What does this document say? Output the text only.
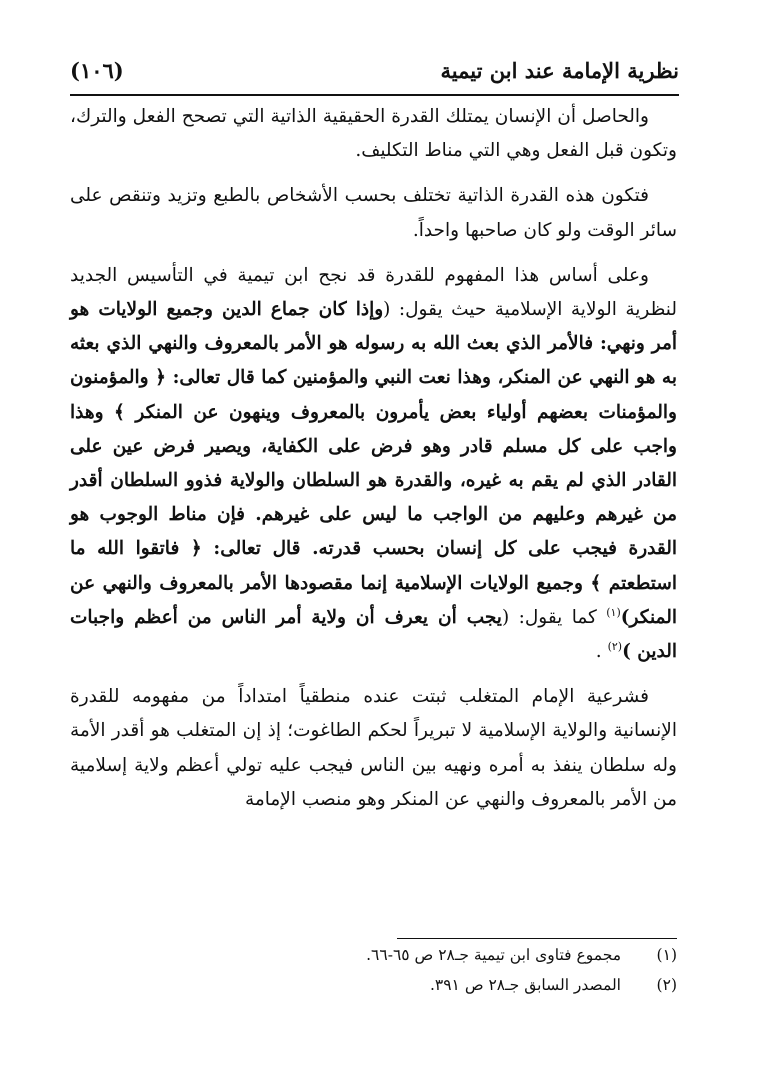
(١٠٦)	نظرية الإمامة عند ابن تيمية

والحاصل أن الإنسان يمتلك القدرة الحقيقية الذاتية التي تصحح الفعل والترك، وتكون قبل الفعل وهي التي مناط التكليف.

فتكون هذه القدرة الذاتية تختلف بحسب الأشخاص بالطبع وتزيد وتنقص على سائر الوقت ولو كان صاحبها واحداً.

وعلى أساس هذا المفهوم للقدرة قد نجح ابن تيمية في التأسيس الجديد لنظرية الولاية الإسلامية حيث يقول: (وإذا كان جماع الدين وجميع الولايات هو أمر ونهي: فالأمر الذي بعث الله به رسوله هو الأمر بالمعروف والنهي الذي بعثه به هو النهي عن المنكر، وهذا نعت النبي والمؤمنين كما قال تعالى: ﴿ والمؤمنون والمؤمنات بعضهم أولياء بعض يأمرون بالمعروف وينهون عن المنكر ﴾ وهذا واجب على كل مسلم قادر وهو فرض على الكفاية، ويصير فرض عين على القادر الذي لم يقم به غيره، والقدرة هو السلطان والولاية فذوو السلطان أقدر من غيرهم وعليهم من الواجب ما ليس على غيرهم. فإن مناط الوجوب هو القدرة فيجب على كل إنسان بحسب قدرته. قال تعالى: ﴿ فاتقوا الله ما استطعتم ﴾ وجميع الولايات الإسلامية إنما مقصودها الأمر بالمعروف والنهي عن المنكر)$^{(١)}$ كما يقول: (يجب أن يعرف أن ولاية أمر الناس من أعظم واجبات الدين )$^{(٢)}$ .

فشرعية الإمام المتغلب ثبتت عنده منطقياً امتداداً من مفهومه للقدرة الإنسانية والولاية الإسلامية لا تبريراً لحكم الطاغوت؛ إذ إن المتغلب هو أقدر الأمة وله سلطان ينفذ به أمره ونهيه بين الناس فيجب عليه تولي أعظم ولاية إسلامية من الأمر بالمعروف والنهي عن المنكر وهو منصب الإمامة

(١)مجموع فتاوى ابن تيمية جـ٢٨ ص ٦٥-٦٦.

(٢)المصدر السابق جـ٢٨ ص ٣٩١.
